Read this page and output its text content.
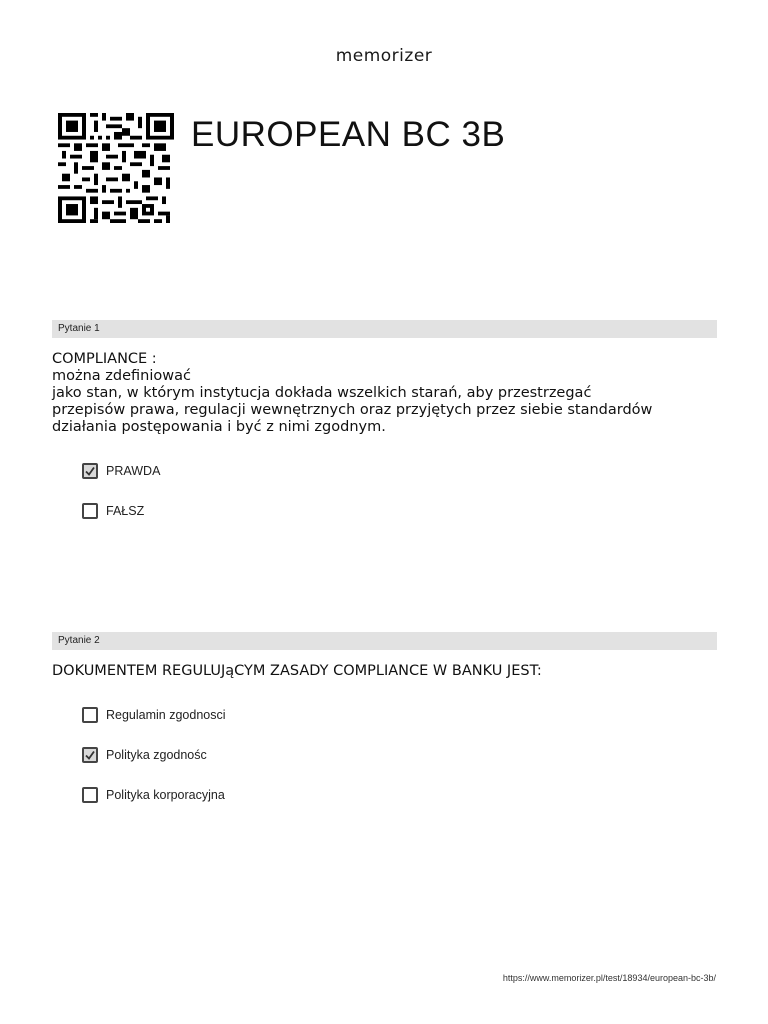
memorizer
EUROPEAN BC 3B
Pytanie 1
COMPLIANCE :
można zdefiniować
jako stan, w którym instytucja dokłada wszelkich starań, aby przestrzegać
przepisów prawa, regulacji wewnętrznych oraz przyjętych przez siebie standardów
działania postępowania i być z nimi zgodnym.
PRAWDA
FAŁSZ
Pytanie 2
DOKUMENTEM REGULUJąCYM ZASADY COMPLIANCE W BANKU JEST:
Regulamin zgodnosci
Polityka zgodnośc
Polityka korporacyjna
https://www.memorizer.pl/test/18934/european-bc-3b/
